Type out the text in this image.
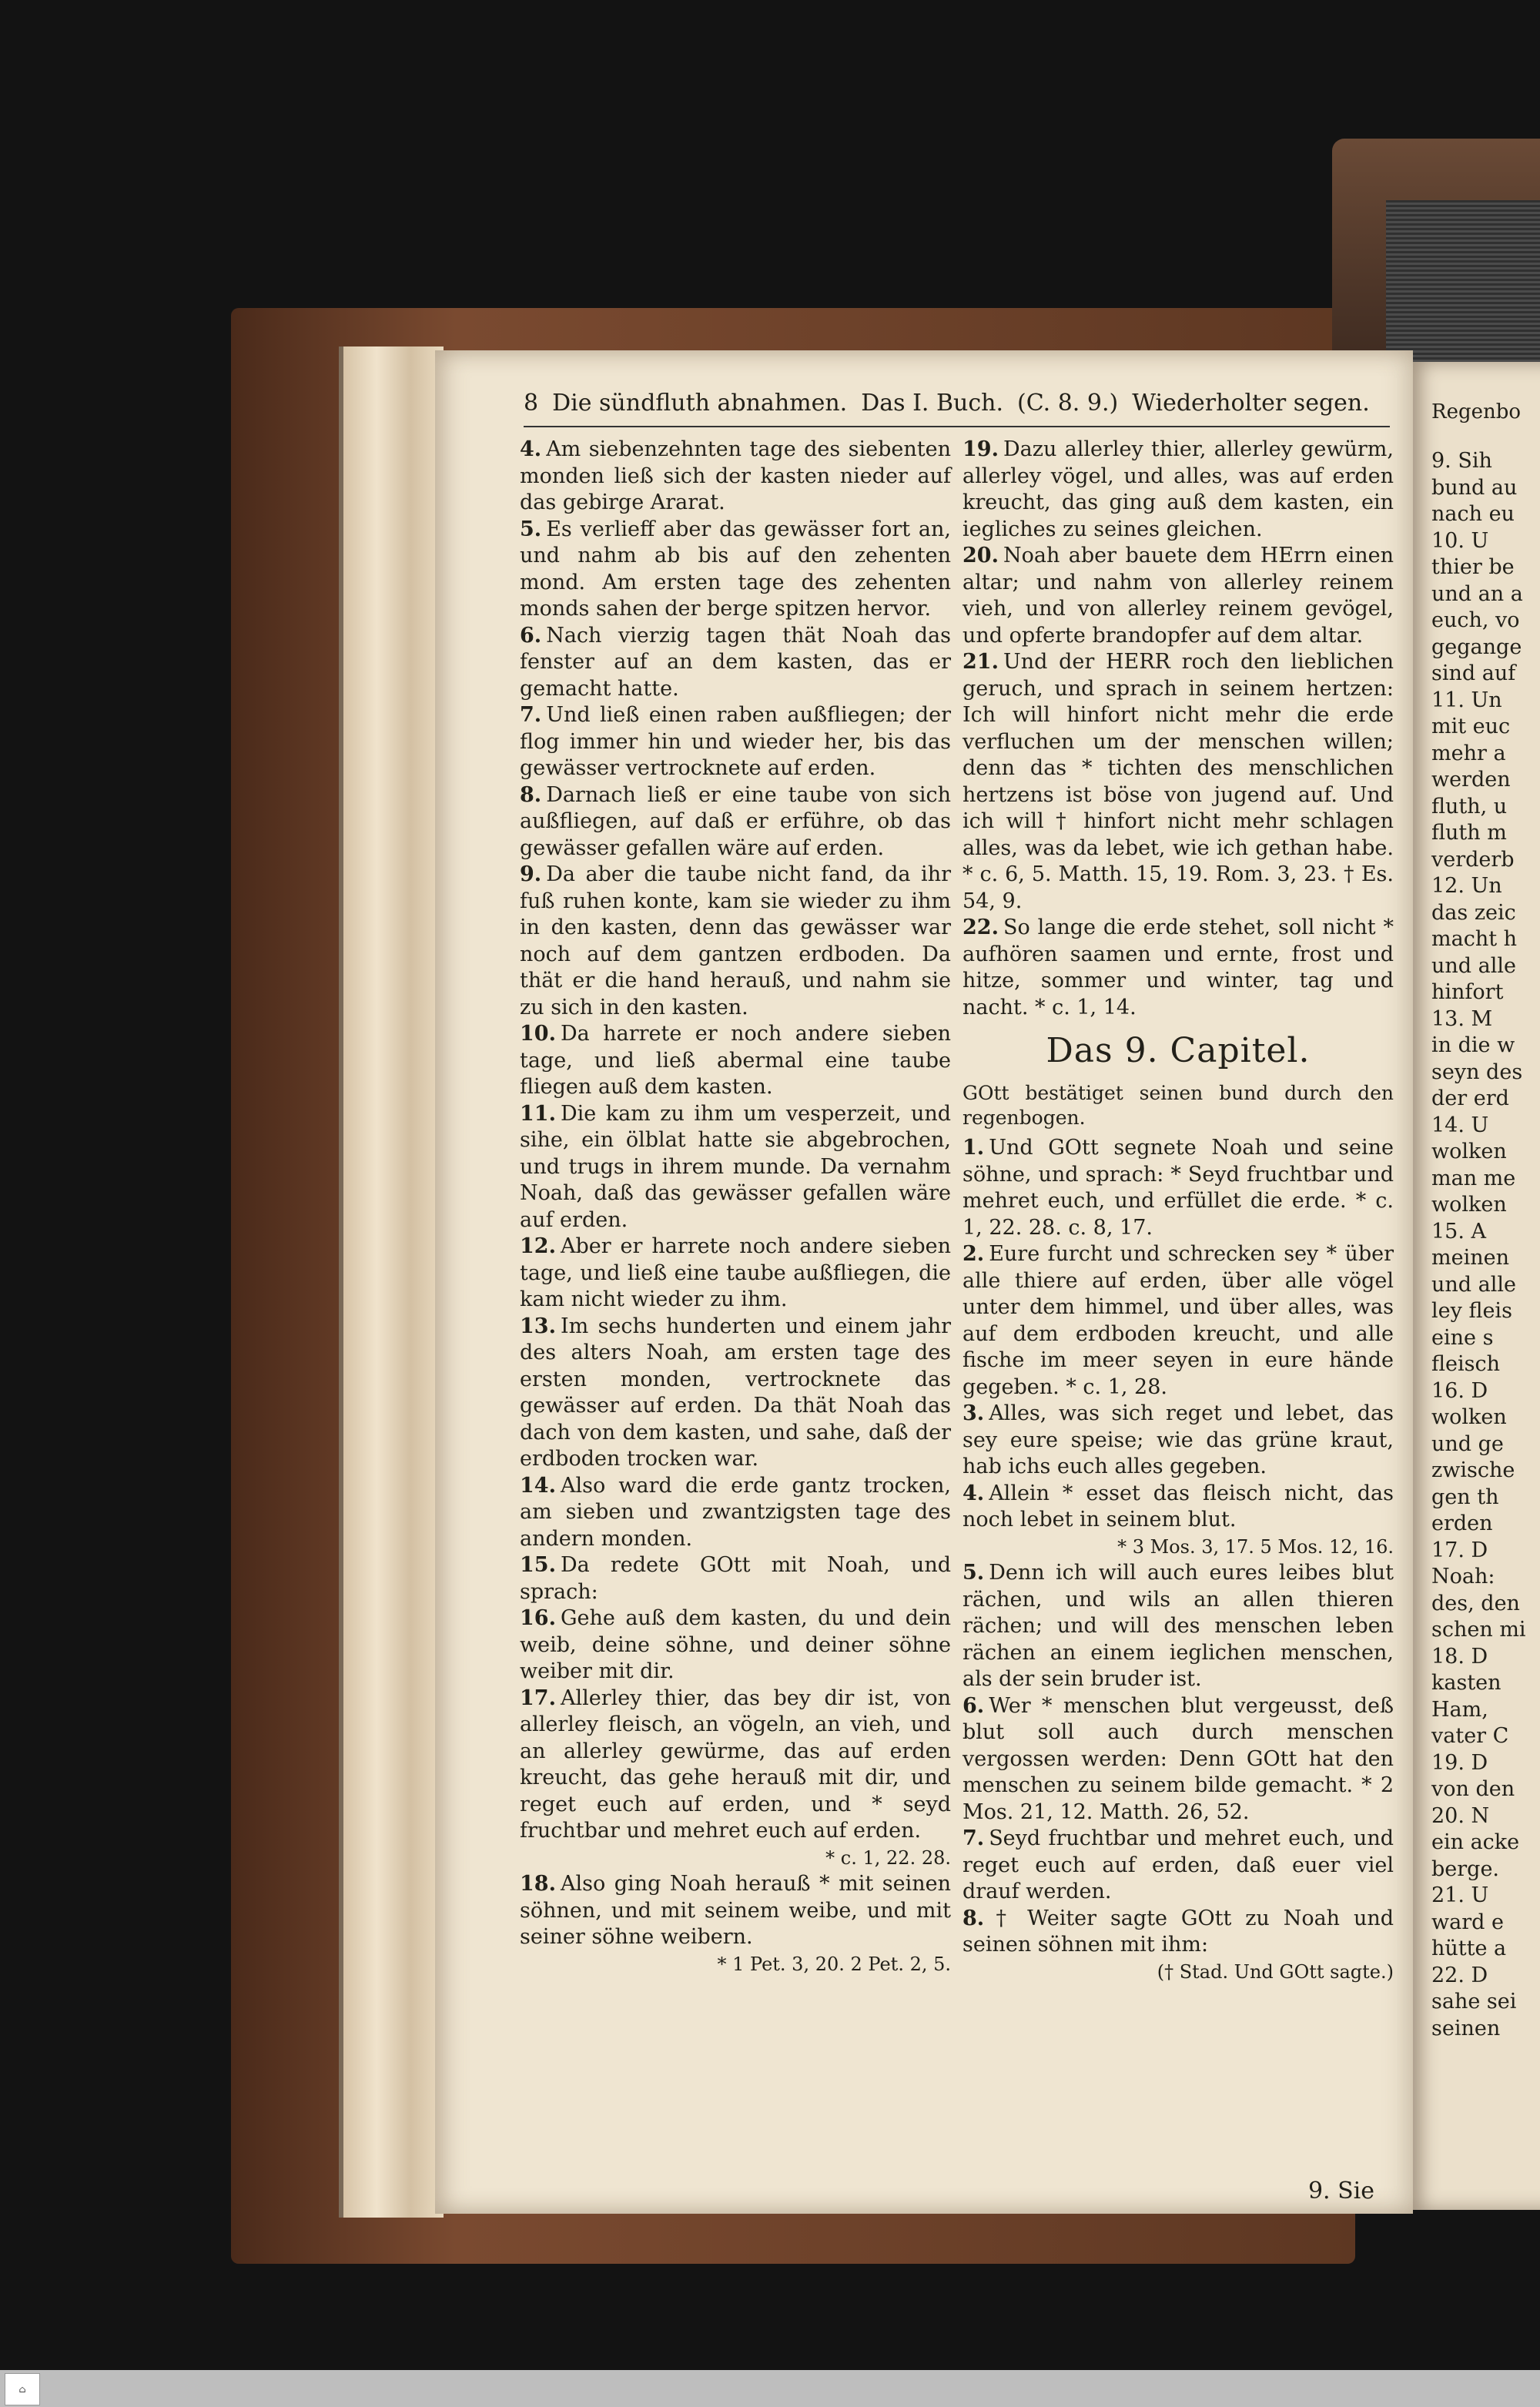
8 Die sündfluth abnahmen. Das I. Buch. (C. 8. 9.) Wiederholter segen.
4. Am siebenzehnten tage des siebenten monden ließ sich der kasten nieder auf das gebirge Ararat.
5. Es verlieff aber das gewässer fort an, und nahm ab bis auf den zehenten mond. Am ersten tage des zehenten monds sahen der berge spitzen hervor.
6. Nach vierzig tagen thät Noah das fenster auf an dem kasten, das er gemacht hatte.
7. Und ließ einen raben außfliegen; der flog immer hin und wieder her, bis das gewässer vertrocknete auf erden.
8. Darnach ließ er eine taube von sich außfliegen, auf daß er erführe, ob das gewässer gefallen wäre auf erden.
9. Da aber die taube nicht fand, da ihr fuß ruhen konte, kam sie wieder zu ihm in den kasten, denn das gewässer war noch auf dem gantzen erdboden. Da thät er die hand herauß, und nahm sie zu sich in den kasten.
10. Da harrete er noch andere sieben tage, und ließ abermal eine taube fliegen auß dem kasten.
11. Die kam zu ihm um vesperzeit, und sihe, ein ölblat hatte sie abgebrochen, und trugs in ihrem munde. Da vernahm Noah, daß das gewässer gefallen wäre auf erden.
12. Aber er harrete noch andere sieben tage, und ließ eine taube außfliegen, die kam nicht wieder zu ihm.
13. Im sechs hunderten und einem jahr des alters Noah, am ersten tage des ersten monden, vertrocknete das gewässer auf erden. Da thät Noah das dach von dem kasten, und sahe, daß der erdboden trocken war.
14. Also ward die erde gantz trocken, am sieben und zwantzigsten tage des andern monden.
15. Da redete GOtt mit Noah, und sprach:
16. Gehe auß dem kasten, du und dein weib, deine söhne, und deiner söhne weiber mit dir.
17. Allerley thier, das bey dir ist, von allerley fleisch, an vögeln, an vieh, und an allerley gewürme, das auf erden kreucht, das gehe herauß mit dir, und reget euch auf erden, und * seyd fruchtbar und mehret euch auf erden.
* c. 1, 22. 28.
18. Also ging Noah herauß * mit seinen söhnen, und mit seinem weibe, und mit seiner söhne weibern.
* 1 Pet. 3, 20. 2 Pet. 2, 5.
19. Dazu allerley thier, allerley gewürm, allerley vögel, und alles, was auf erden kreucht, das ging auß dem kasten, ein iegliches zu seines gleichen.
20. Noah aber bauete dem HErrn einen altar; und nahm von allerley reinem vieh, und von allerley reinem gevögel, und opferte brandopfer auf dem altar.
21. Und der HERR roch den lieblichen geruch, und sprach in seinem hertzen: Ich will hinfort nicht mehr die erde verfluchen um der menschen willen; denn das * tichten des menschlichen hertzens ist böse von jugend auf. Und ich will † hinfort nicht mehr schlagen alles, was da lebet, wie ich gethan habe. * c. 6, 5. Matth. 15, 19. Rom. 3, 23. † Es. 54, 9.
22. So lange die erde stehet, soll nicht * aufhören saamen und ernte, frost und hitze, sommer und winter, tag und nacht. * c. 1, 14.
Das 9. Capitel.
GOtt bestätiget seinen bund durch den regenbogen.
1. Und GOtt segnete Noah und seine söhne, und sprach: * Seyd fruchtbar und mehret euch, und erfüllet die erde. * c. 1, 22. 28. c. 8, 17.
2. Eure furcht und schrecken sey * über alle thiere auf erden, über alle vögel unter dem himmel, und über alles, was auf dem erdboden kreucht, und alle fische im meer seyen in eure hände gegeben. * c. 1, 28.
3. Alles, was sich reget und lebet, das sey eure speise; wie das grüne kraut, hab ichs euch alles gegeben.
4. Allein * esset das fleisch nicht, das noch lebet in seinem blut.
* 3 Mos. 3, 17. 5 Mos. 12, 16.
5. Denn ich will auch eures leibes blut rächen, und wils an allen thieren rächen; und will des menschen leben rächen an einem ieglichen menschen, als der sein bruder ist.
6. Wer * menschen blut vergeusst, deß blut soll auch durch menschen vergossen werden: Denn GOtt hat den menschen zu seinem bilde gemacht. * 2 Mos. 21, 12. Matth. 26, 52.
7. Seyd fruchtbar und mehret euch, und reget euch auf erden, daß euer viel drauf werden.
8. † Weiter sagte GOtt zu Noah und seinen söhnen mit ihm:
(† Stad. Und GOtt sagte.)
9. Sie
Regenbo
9. Sih
bund au
nach eu
10. U
thier be
und an a
euch, vo
gegange
sind auf
11. Un
mit euc
mehr a
werden
fluth, u
fluth m
verderb
12. Un
das zeic
macht h
und alle
hinfort
13. M
in die w
seyn des
der erd
14. U
wolken
man me
wolken
15. A
meinen
und alle
ley fleis
eine s
fleisch
16. D
wolken
und ge
zwische
gen th
erden
17. D
Noah:
des, den
schen mi
18. D
kasten
Ham,
vater C
19. D
von den
20. N
ein acke
berge.
21. U
ward e
hütte a
22. D
sahe sei
seinen
⌂
